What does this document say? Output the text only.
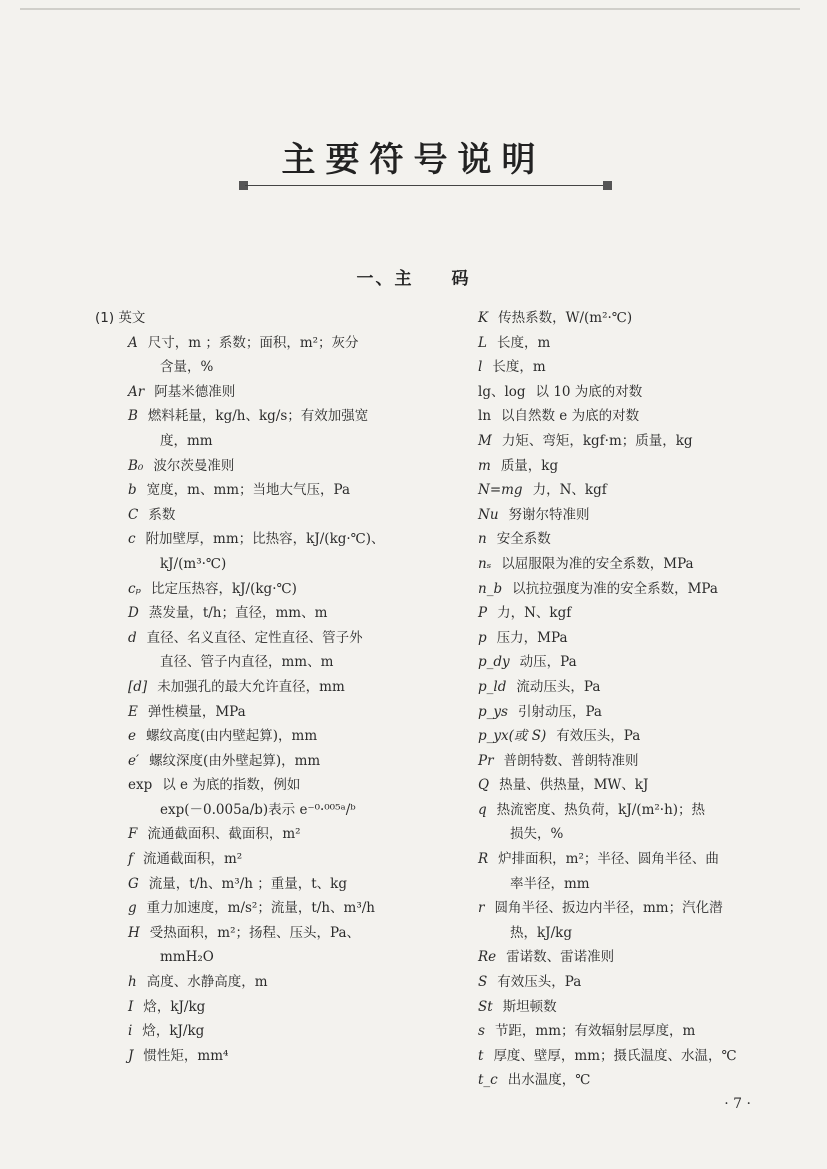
主要符号说明
一、主　　码
(1) 英文
A 尺寸，m ；系数；面积，m²；灰分
含量，%
Ar 阿基米德准则
B 燃料耗量，kg/h、kg/s；有效加强宽
度，mm
B₀ 波尔茨曼准则
b 宽度，m、mm；当地大气压，Pa
C 系数
c 附加壁厚，mm；比热容，kJ/(kg·℃)、
kJ/(m³·℃)
cₚ 比定压热容，kJ/(kg·℃)
D 蒸发量，t/h；直径，mm、m
d 直径、名义直径、定性直径、管子外
直径、管子内直径，mm、m
[d] 未加强孔的最大允许直径，mm
E 弹性模量，MPa
e 螺纹高度(由内壁起算)，mm
e′ 螺纹深度(由外壁起算)，mm
exp 以 e 为底的指数，例如
exp(－0.005a/b)表示 e⁻⁰·⁰⁰⁵ᵃ/ᵇ
F 流通截面积、截面积，m²
f 流通截面积，m²
G 流量，t/h、m³/h ；重量，t、kg
g 重力加速度，m/s²；流量，t/h、m³/h
H 受热面积，m²；扬程、压头，Pa、
mmH₂O
h 高度、水静高度，m
I 焓，kJ/kg
i 焓，kJ/kg
J 惯性矩，mm⁴
K 传热系数，W/(m²·℃)
L 长度，m
l 长度，m
lg、log 以 10 为底的对数
ln 以自然数 e 为底的对数
M 力矩、弯矩，kgf·m；质量，kg
m 质量，kg
N=mg 力，N、kgf
Nu 努谢尔特准则
n 安全系数
nₛ 以屈服限为准的安全系数，MPa
n_b 以抗拉强度为准的安全系数，MPa
P 力，N、kgf
p 压力，MPa
p_dy 动压，Pa
p_ld 流动压头，Pa
p_ys 引射动压，Pa
p_yx(或 S) 有效压头，Pa
Pr 普朗特数、普朗特准则
Q 热量、供热量，MW、kJ
q 热流密度、热负荷，kJ/(m²·h)；热
损失，%
R 炉排面积，m²；半径、圆角半径、曲
率半径，mm
r 圆角半径、扳边内半径，mm；汽化潜
热，kJ/kg
Re 雷诺数、雷诺准则
S 有效压头，Pa
St 斯坦顿数
s 节距，mm；有效辐射层厚度，m
t 厚度、壁厚，mm；摄氏温度、水温，℃
t_c 出水温度，℃
· 7 ·
